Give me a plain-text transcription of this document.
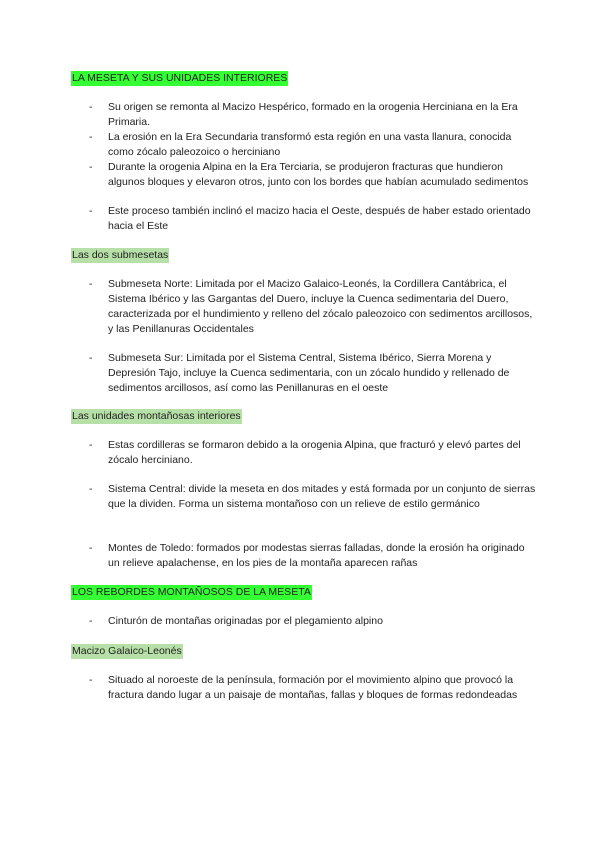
LA MESETA Y SUS UNIDADES INTERIORES
-	Su origen se remonta al Macizo Hespérico, formado en la orogenia Herciniana en la Era Primaria.
-	La erosión en la Era Secundaria transformó esta región en una vasta llanura, conocida como zócalo paleozoico o herciniano
-	Durante la orogenia Alpina en la Era Terciaria, se produjeron fracturas que hundieron algunos bloques y elevaron otros, junto con los bordes que habían acumulado sedimentos
-	Este proceso también inclinó el macizo hacia el Oeste, después de haber estado orientado hacia el Este
Las dos submesetas
-	Submeseta Norte: Limitada por el Macizo Galaico-Leonés, la Cordillera Cantábrica, el Sistema Ibérico y las Gargantas del Duero, incluye la Cuenca sedimentaria del Duero, caracterizada por el hundimiento y relleno del zócalo paleozoico con sedimentos arcillosos, y las Penillanuras Occidentales
-	Submeseta Sur: Limitada por el Sistema Central, Sistema Ibérico, Sierra Morena y Depresión Tajo, incluye la Cuenca sedimentaria, con un zócalo hundido y rellenado de sedimentos arcillosos, así como las Penillanuras en el oeste
Las unidades montañosas interiores
-	Estas cordilleras se formaron debido a la orogenia Alpina, que fracturó y elevó partes del zócalo herciniano.
-	Sistema Central: divide la meseta en dos mitades y está formada por un conjunto de sierras que la dividen. Forma un sistema montañoso con un relieve de estilo germánico
-	Montes de Toledo: formados por modestas sierras falladas, donde la erosión ha originado un relieve apalachense, en los pies de la montaña aparecen rañas
LOS REBORDES MONTAÑOSOS DE LA MESETA
-	Cinturón de montañas originadas por el plegamiento alpino
Macizo Galaico-Leonés
-	Situado al noroeste de la península, formación por el movimiento alpino que provocó la fractura dando lugar a un paisaje de montañas, fallas y bloques de formas redondeadas
